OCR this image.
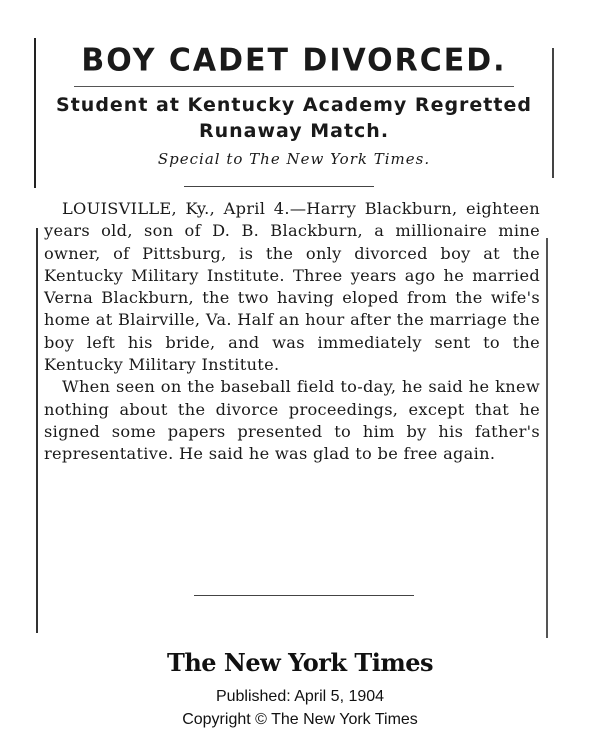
BOY CADET DIVORCED.
Student at Kentucky Academy Regretted Runaway Match.
Special to The New York Times.

LOUISVILLE, Ky., April 4.—Harry Blackburn, eighteen years old, son of D. B. Blackburn, a millionaire mine owner, of Pittsburg, is the only divorced boy at the Kentucky Military Institute. Three years ago he married Verna Blackburn, the two having eloped from the wife's home at Blairville, Va. Half an hour after the marriage the boy left his bride, and was immediately sent to the Kentucky Military Institute.

When seen on the baseball field to-day, he said he knew nothing about the divorce proceedings, except that he signed some papers presented to him by his father's representative. He said he was glad to be free again.

The New York Times
Published: April 5, 1904
Copyright © The New York Times
